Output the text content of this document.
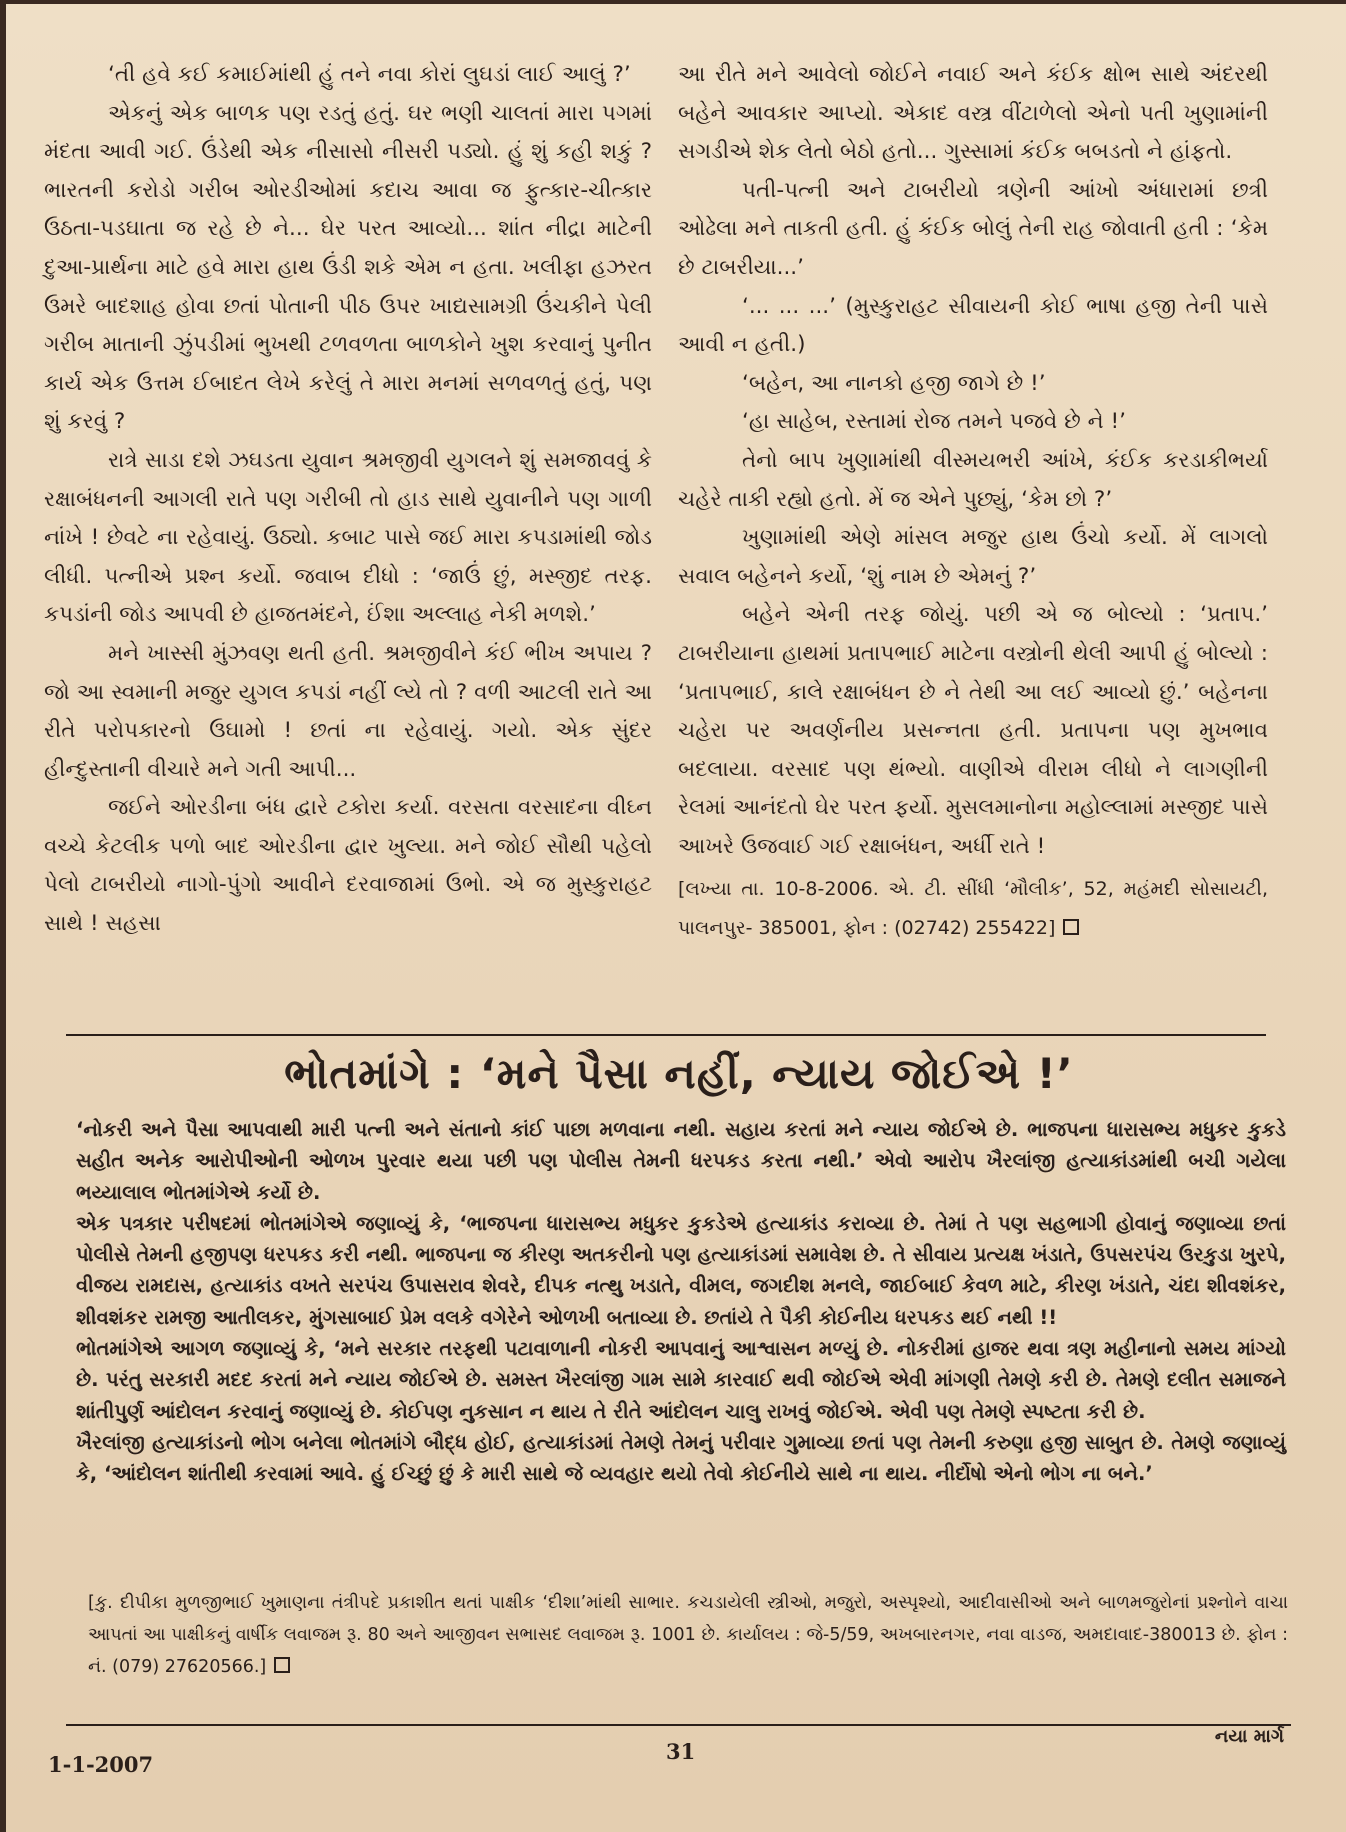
‘તી હવે કઈ કમાઈમાંથી હું તને નવા કોરાં લુઘડાં લાઈ આલું ?’

એકનું એક બાળક પણ રડતું હતું. ઘર ભણી ચાલતાં મારા પગમાં મંદતા આવી ગઈ. ઉંડેથી એક નીસાસો નીસરી પડ્યો. હું શું કહી શકું ? ભારતની કરોડો ગરીબ ઓરડીઓમાં કદાચ આવા જ ફુત્કાર-ચીત્કાર ઉઠતા-પડઘાતા જ રહે છે ને... ઘેર પરત આવ્યો... શાંત નીદ્રા માટેની દુઆ-પ્રાર્થના માટે હવે મારા હાથ ઉંડી શકે એમ ન હતા. ખલીફા હઝરત ઉમરે બાદશાહ હોવા છતાં પોતાની પીઠ ઉપર ખાદ્યસામગ્રી ઉંચકીને પેલી ગરીબ માતાની ઝુંપડીમાં ભુખથી ટળવળતા બાળકોને ખુશ કરવાનું પુનીત કાર્ય એક ઉત્તમ ઈબાદત લેખે કરેલું તે મારા મનમાં સળવળતું હતું, પણ શું કરવું ?

રાત્રે સાડા દશે ઝઘડતા યુવાન શ્રમજીવી યુગલને શું સમજાવવું કે રક્ષાબંધનની આગલી રાતે પણ ગરીબી તો હાડ સાથે યુવાનીને પણ ગાળી નાંખે ! છેવટે ના રહેવાયું. ઉઠ્યો. કબાટ પાસે જઈ મારા કપડામાંથી જોડ લીધી. પત્નીએ પ્રશ્ન કર્યો. જવાબ દીધો : ‘જાઉં છું, મસ્જીદ તરફ. કપડાંની જોડ આપવી છે હાજતમંદને, ઈંશા અલ્લાહ નેકી મળશે.’

મને ખાસ્સી મુંઝવણ થતી હતી. શ્રમજીવીને કંઈ ભીખ અપાય ? જો આ સ્વમાની મજુર યુગલ કપડાં નહીં લ્યે તો ? વળી આટલી રાતે આ રીતે પરોપકારનો ઉઘામો ! છતાં ના રહેવાયું. ગયો. એક સુંદર હીન્દુસ્તાની વીચારે મને ગતી આપી...

જઈને ઓરડીના બંધ દ્વારે ટકોરા કર્યા. વરસતા વરસાદના વીઘ્ન વચ્ચે કેટલીક પળો બાદ ઓરડીના દ્વાર ખુલ્યા. મને જોઈ સૌથી પહેલો પેલો ટાબરીયો નાગો-પુંગો આવીને દરવાજામાં ઉભો. એ જ મુસ્કુરાહટ સાથે ! સહસા

આ રીતે મને આવેલો જોઈને નવાઈ અને કંઈક ક્ષોભ સાથે અંદરથી બહેને આવકાર આપ્યો. એકાદ વસ્ત્ર વીંટાળેલો એનો પતી ખુણામાંની સગડીએ શેક લેતો બેઠો હતો... ગુસ્સામાં કંઈક બબડતો ને હાંફતો.

પતી-પત્ની અને ટાબરીયો ત્રણેની આંખો અંધારામાં છત્રી ઓઢેલા મને તાકતી હતી. હું કંઈક બોલું તેની રાહ જોવાતી હતી : ‘કેમ છે ટાબરીયા...’

‘... ... ...’ (મુસ્કુરાહટ સીવાયની કોઈ ભાષા હજી તેની પાસે આવી ન હતી.)

‘બહેન, આ નાનકો હજી જાગે છે !’

‘હા સાહેબ, રસ્તામાં રોજ તમને પજવે છે ને !’

તેનો બાપ ખુણામાંથી વીસ્મયભરી આંખે, કંઈક કરડાકીભર્યા ચહેરે તાકી રહ્યો હતો. મેં જ એને પુછ્યું, ‘કેમ છો ?’

ખુણામાંથી એણે માંસલ મજુર હાથ ઉંચો કર્યો. મેં લાગલો સવાલ બહેનને કર્યો, ‘શું નામ છે એમનું ?’

બહેને એની તરફ જોયું. પછી એ જ બોલ્યો : ‘પ્રતાપ.’ ટાબરીયાના હાથમાં પ્રતાપભાઈ માટેના વસ્ત્રોની થેલી આપી હું બોલ્યો : ‘પ્રતાપભાઈ, કાલે રક્ષાબંધન છે ને તેથી આ લઈ આવ્યો છું.’ બહેનના ચહેરા પર અવર્ણનીય પ્રસન્નતા હતી. પ્રતાપના પણ મુખભાવ બદલાયા. વરસાદ પણ થંભ્યો. વાણીએ વીરામ લીધો ને લાગણીની રેલમાં આનંદતો ઘેર પરત ફર્યો. મુસલમાનોના મહોલ્લામાં મસ્જીદ પાસે આખરે ઉજવાઈ ગઈ રક્ષાબંધન, અર્ધી રાતે !

[લખ્યા તા. 10-8-2006. એ. ટી. સીંધી ‘મૌલીક’, 52, મહંમદી સોસાયટી, પાલનપુર- 385001, ફોન : (02742) 255422]

ભોતમાંગે : ‘મને પૈસા નહીં, ન્યાય જોઈએ !’

‘નોકરી અને પૈસા આપવાથી મારી પત્ની અને સંતાનો કાંઈ પાછા મળવાના નથી. સહાય કરતાં મને ન્યાય જોઈએ છે. ભાજપના ધારાસભ્ય મધુકર કુકડે સહીત અનેક આરોપીઓની ઓળખ પુરવાર થયા પછી પણ પોલીસ તેમની ધરપકડ કરતા નથી.’ એવો આરોપ ખૈરલાંજી હત્યાકાંડમાંથી બચી ગયેલા ભય્યાલાલ ભોતમાંગેએ કર્યો છે.

એક પત્રકાર પરીષદમાં ભોતમાંગેએ જણાવ્યું કે, ‘ભાજપના ધારાસભ્ય મધુકર કુકડેએ હત્યાકાંડ કરાવ્યા છે. તેમાં તે પણ સહભાગી હોવાનું જણાવ્યા છતાં પોલીસે તેમની હજીપણ ધરપકડ કરી નથી. ભાજપના જ કીરણ અતકરીનો પણ હત્યાકાંડમાં સમાવેશ છે. તે સીવાય પ્રત્યક્ષ ખંડાતે, ઉપસરપંચ ઉરકુડા ખુરપે, વીજય રામદાસ, હત્યાકાંડ વખતે સરપંચ ઉપાસરાવ શેવરે, દીપક નત્થુ ખડાતે, વીમલ, જગદીશ મનલે, જાઈબાઈ કેવળ માટે, કીરણ ખંડાતે, ચંદા શીવશંકર, શીવશંકર રામજી આતીલકર, મુંગસાબાઈ પ્રેમ વલકે વગેરેને ઓળખી બતાવ્યા છે. છતાંયે તે પૈકી કોઈનીય ધરપકડ થઈ નથી !!

ભોતમાંગેએ આગળ જણાવ્યું કે, ‘મને સરકાર તરફથી પટાવાળાની નોકરી આપવાનું આશ્વાસન મળ્યું છે. નોકરીમાં હાજર થવા ત્રણ મહીનાનો સમય માંગ્યો છે. પરંતુ સરકારી મદદ કરતાં મને ન્યાય જોઈએ છે. સમસ્ત ખૈરલાંજી ગામ સામે કારવાઈ થવી જોઈએ એવી માંગણી તેમણે કરી છે. તેમણે દલીત સમાજને શાંતીપુર્ણ આંદોલન કરવાનું જણાવ્યું છે. કોઈપણ નુકસાન ન થાય તે રીતે આંદોલન ચાલુ રાખવું જોઈએ. એવી પણ તેમણે સ્પષ્ટતા કરી છે.

ખૈરલાંજી હત્યાકાંડનો ભોગ બનેલા ભોતમાંગે બૌદ્ધ હોઈ, હત્યાકાંડમાં તેમણે તેમનું પરીવાર ગુમાવ્યા છતાં પણ તેમની કરુણા હજી સાબુત છે. તેમણે જણાવ્યું કે, ‘આંદોલન શાંતીથી કરવામાં આવે. હું ઈચ્છું છું કે મારી સાથે જે વ્યવહાર થયો તેવો કોઈનીયે સાથે ના થાય. નીર્દોષો એનો ભોગ ના બને.’

[કુ. દીપીકા મુળજીભાઈ ખુમાણના તંત્રીપદે પ્રકાશીત થતાં પાક્ષીક ‘દીશા’માંથી સાભાર. કચડાયેલી સ્ત્રીઓ, મજુરો, અસ્પૃશ્યો, આદીવાસીઓ અને બાળમજુરોનાં પ્રશ્નોને વાચા આપતાં આ પાક્ષીકનું વાર્ષીક લવાજમ રૂ. 80 અને આજીવન સભાસદ લવાજમ રૂ. 1001 છે. કાર્યાલય : જે-5/59, અખબારનગર, નવા વાડજ, અમદાવાદ-380013 છે. ફોન : નં. (079) 27620566.]
1-1-2007
31
નયા માર્ગ
